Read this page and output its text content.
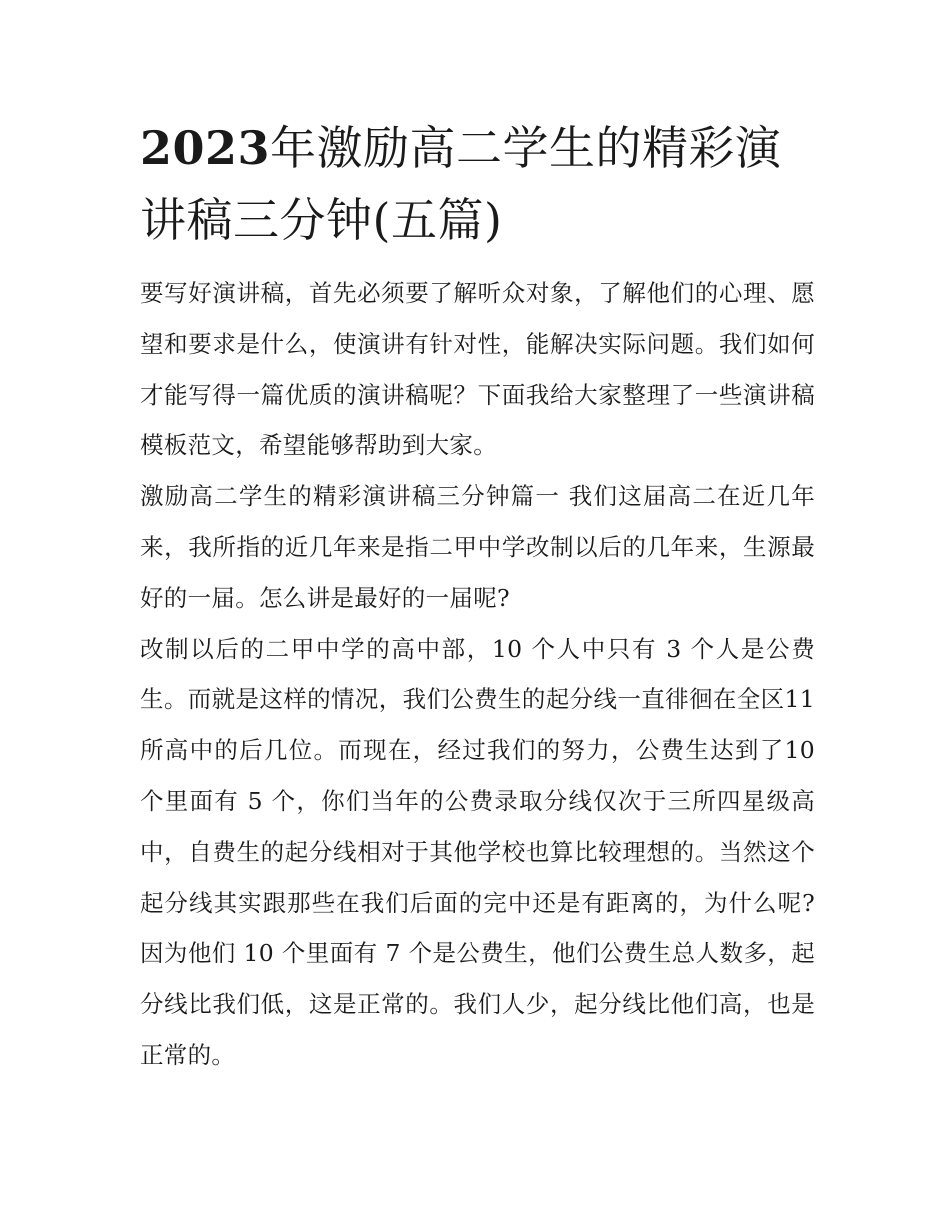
2023年激励高二学生的精彩演讲稿三分钟(五篇)

要写好演讲稿，首先必须要了解听众对象，了解他们的心理、愿望和要求是什么，使演讲有针对性，能解决实际问题。我们如何才能写得一篇优质的演讲稿呢？下面我给大家整理了一些演讲稿模板范文，希望能够帮助到大家。

激励高二学生的精彩演讲稿三分钟篇一 我们这届高二在近几年来，我所指的近几年来是指二甲中学改制以后的几年来，生源最好的一届。怎么讲是最好的一届呢?

改制以后的二甲中学的高中部，10 个人中只有 3 个人是公费生。而就是这样的情况，我们公费生的起分线一直徘徊在全区11 所高中的后几位。而现在，经过我们的努力，公费生达到了10 个里面有 5 个，你们当年的公费录取分线仅次于三所四星级高中，自费生的起分线相对于其他学校也算比较理想的。当然这个起分线其实跟那些在我们后面的完中还是有距离的，为什么呢?因为他们 10 个里面有 7 个是公费生，他们公费生总人数多，起分线比我们低，这是正常的。我们人少，起分线比他们高，也是正常的。
